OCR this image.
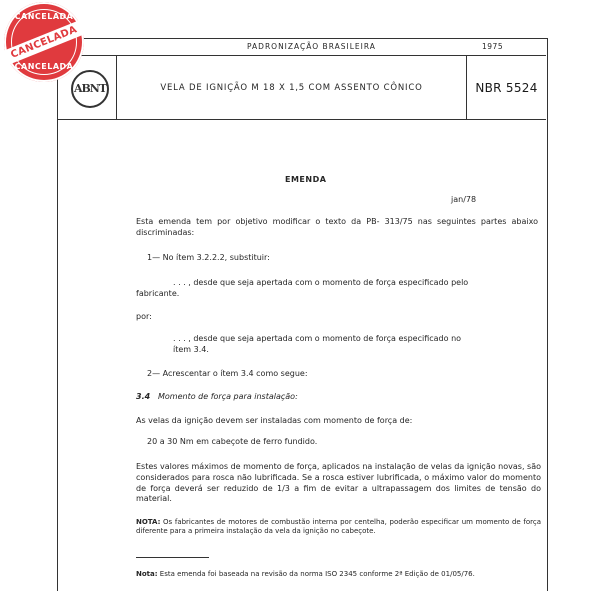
PADRONIZAÇÃO BRASILEIRA	1975
ABNT	VELA DE IGNIÇÃO M 18 X 1,5 COM ASSENTO CÔNICO	NBR 5524

EMENDA

jan/78

Esta emenda tem por objetivo modificar o texto da PB- 313/75 nas seguintes partes abaixo discriminadas:

1— No ítem 3.2.2.2, substituir:

. . . , desde que seja apertada com o momento de força especificado pelo
fabricante.

por:

. . . , desde que seja apertada com o momento de força especificado no
ítem 3.4.

2— Acrescentar o ítem 3.4 como segue:

3.4 Momento de força para instalação:

As velas da ignição devem ser instaladas com momento de força de:

20 a 30 Nm em cabeçote de ferro fundido.

Estes valores máximos de momento de força, aplicados na instalação de velas da ignição novas, são considerados para rosca não lubrificada. Se a rosca estiver lubrificada, o máximo valor do momento de força deverá ser reduzido de 1/3 a fim de evitar a ultrapassagem dos limites de tensão do material.

NOTA: Os fabricantes de motores de combustão interna por centelha, poderão especificar um momento de força diferente para a primeira instalação da vela da ignição no cabeçote.

Nota: Esta emenda foi baseada na revisão da norma ISO 2345 conforme 2ª Edição de 01/05/76.

CANCELADA
CANCELADA
CANCELADA
